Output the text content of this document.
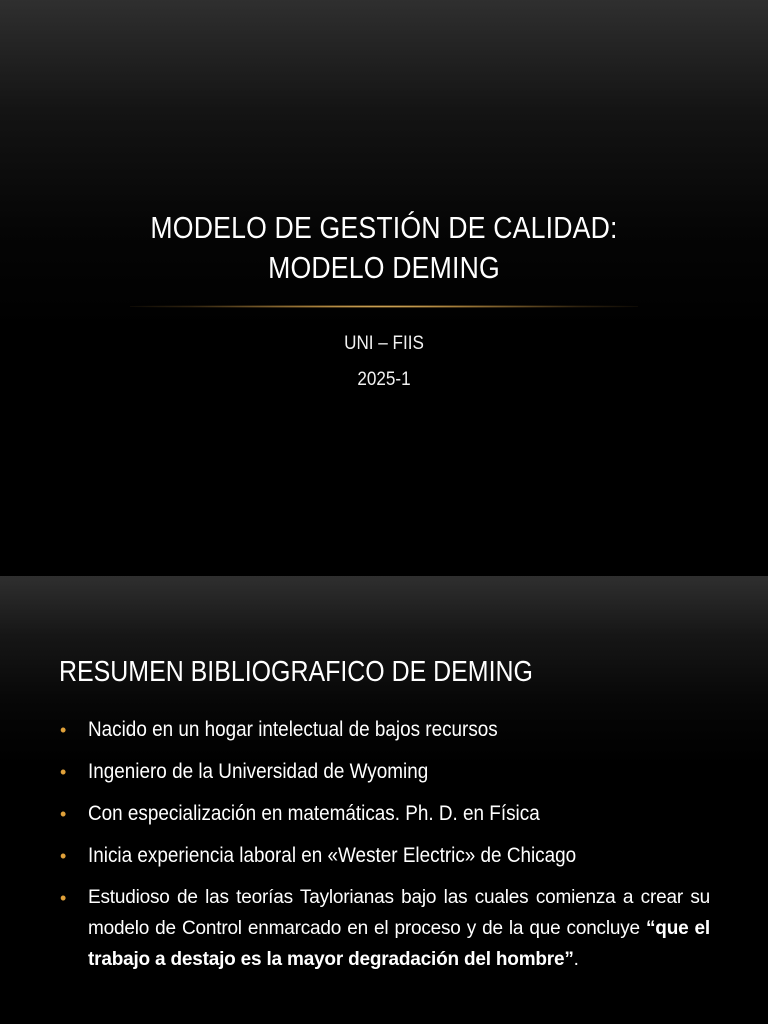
MODELO DE GESTIÓN DE CALIDAD:
MODELO DEMING
UNI – FIIS
2025-1
RESUMEN BIBLIOGRAFICO DE DEMING
• Nacido en un hogar intelectual de bajos recursos
• Ingeniero de la Universidad de Wyoming
• Con especialización en matemáticas. Ph. D. en Física
• Inicia experiencia laboral en «Wester Electric» de Chicago
• Estudioso de las teorías Taylorianas bajo las cuales comienza a crear su modelo de Control enmarcado en el proceso y de la que concluye “que el trabajo a destajo es la mayor degradación del hombre”.
